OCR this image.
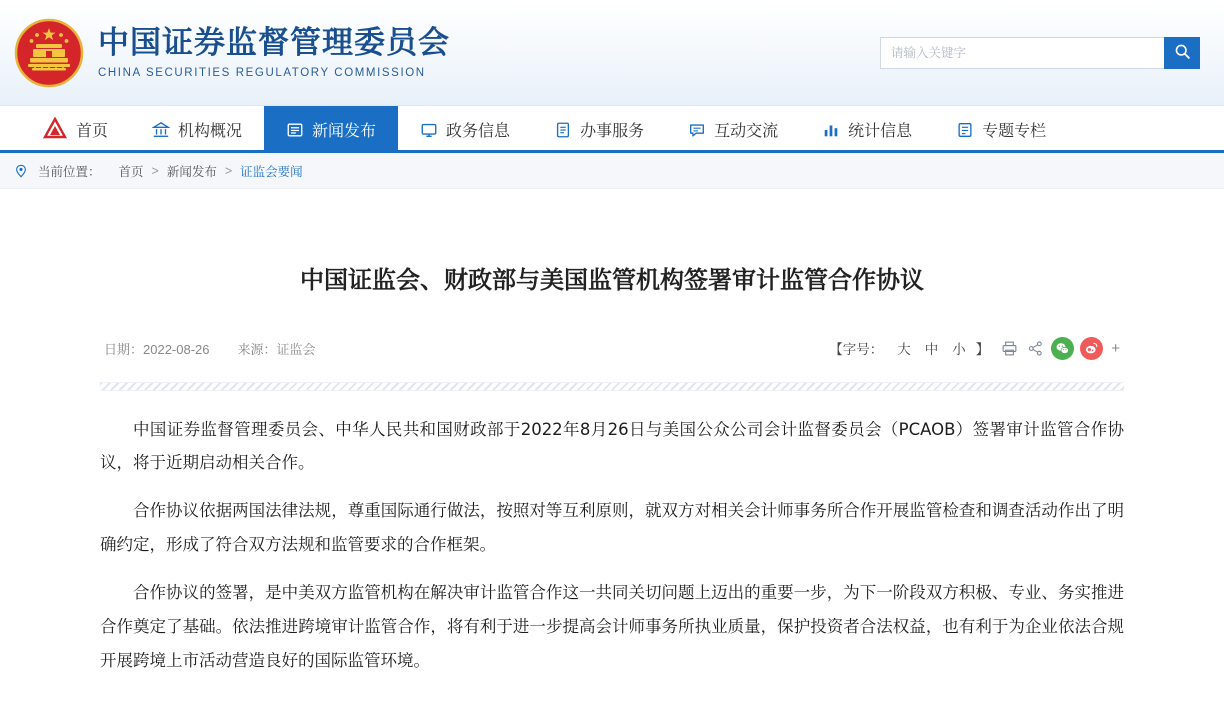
中国证券监督管理委员会
CHINA SECURITIES REGULATORY COMMISSION
请输入关键字
首页	机构概况	新闻发布	政务信息	办事服务	互动交流	统计信息	专题专栏
当前位置： 首页 > 新闻发布 > 证监会要闻
中国证监会、财政部与美国监管机构签署审计监管合作协议
日期：2022-08-26 来源：证监会	【字号： 大 中 小 】	+

中国证券监督管理委员会、中华人民共和国财政部于2022年8月26日与美国公众公司会计监督委员会（PCAOB）签署审计监管合作协议，将于近期启动相关合作。

合作协议依据两国法律法规，尊重国际通行做法，按照对等互利原则，就双方对相关会计师事务所合作开展监管检查和调查活动作出了明确约定，形成了符合双方法规和监管要求的合作框架。

合作协议的签署，是中美双方监管机构在解决审计监管合作这一共同关切问题上迈出的重要一步，为下一阶段双方积极、专业、务实推进合作奠定了基础。依法推进跨境审计监管合作，将有利于进一步提高会计师事务所执业质量，保护投资者合法权益，也有利于为企业依法合规开展跨境上市活动营造良好的国际监管环境。
